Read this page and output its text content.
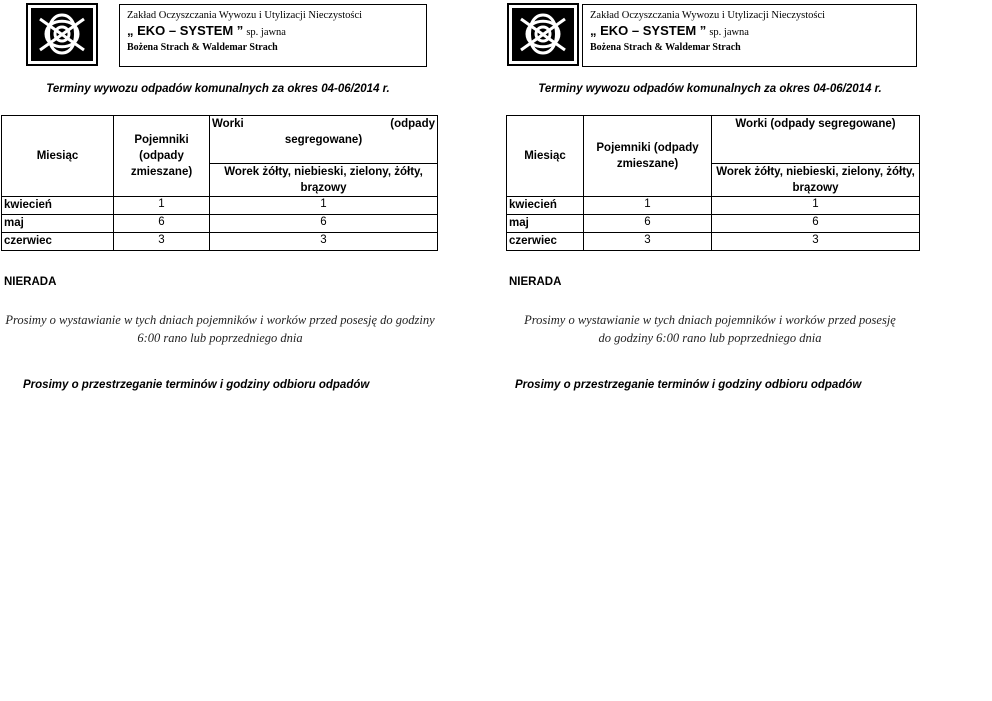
Zakład Oczyszczania Wywozu i Utylizacji Nieczystości
„ EKO – SYSTEM ” sp. jawna
Bożena Strach & Waldemar Strach
Terminy wywozu odpadów komunalnych za okres 04-06/2014 r.
Miesiąc	Pojemniki (odpady zmieszane)	Worki (odpady
segregowane)

		Worek żółty, niebieski, zielony, żółty, brązowy
kwiecień	1	1
maj	6	6
czerwiec	3	3
NIERADA
Prosimy o wystawianie w tych dniach pojemników i worków przed posesję do godziny 6:00 rano lub poprzedniego dnia
Prosimy o przestrzeganie terminów i godziny odbioru odpadów
Zakład Oczyszczania Wywozu i Utylizacji Nieczystości
„ EKO – SYSTEM ” sp. jawna
Bożena Strach & Waldemar Strach
Terminy wywozu odpadów komunalnych za okres 04-06/2014 r.
Miesiąc	Pojemniki (odpady zmieszane)	Worki (odpady segregowane)
		Worek żółty, niebieski, zielony, żółty, brązowy
kwiecień	1	1
maj	6	6
czerwiec	3	3
NIERADA
Prosimy o wystawianie w tych dniach pojemników i worków przed posesję do godziny 6:00 rano lub poprzedniego dnia
Prosimy o przestrzeganie terminów i godziny odbioru odpadów
